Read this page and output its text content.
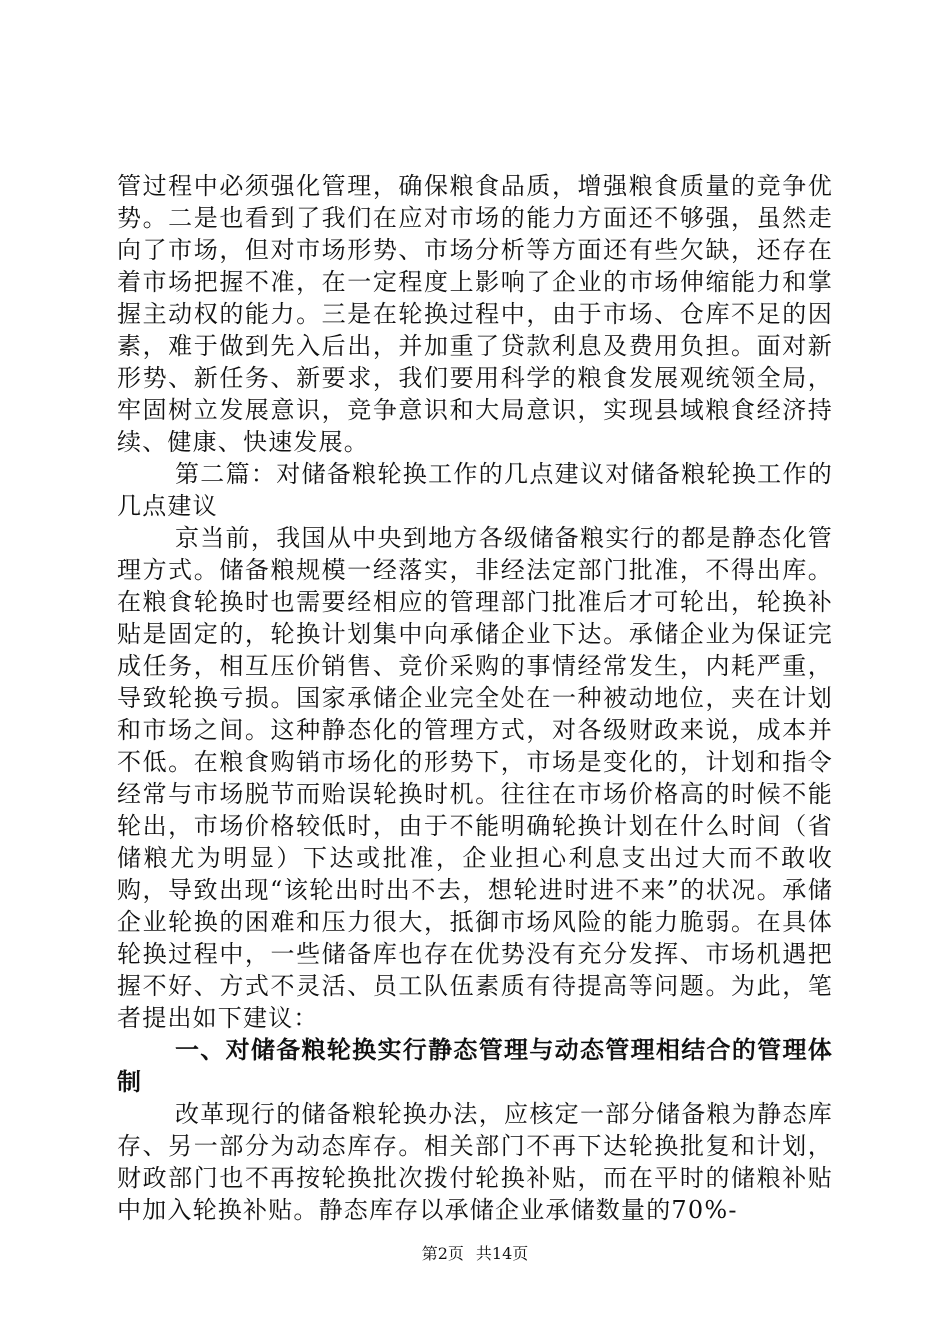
管过程中必须强化管理，确保粮食品质，增强粮食质量的竞争优势。二是也看到了我们在应对市场的能力方面还不够强，虽然走向了市场，但对市场形势、市场分析等方面还有些欠缺，还存在着市场把握不准，在一定程度上影响了企业的市场伸缩能力和掌握主动权的能力。三是在轮换过程中，由于市场、仓库不足的因素，难于做到先入后出，并加重了贷款利息及费用负担。面对新形势、新任务、新要求，我们要用科学的粮食发展观统领全局，牢固树立发展意识，竞争意识和大局意识，实现县域粮食经济持续、健康、快速发展。

第二篇：对储备粮轮换工作的几点建议对储备粮轮换工作的几点建议

京当前，我国从中央到地方各级储备粮实行的都是静态化管理方式。储备粮规模一经落实，非经法定部门批准，不得出库。在粮食轮换时也需要经相应的管理部门批准后才可轮出，轮换补贴是固定的，轮换计划集中向承储企业下达。承储企业为保证完成任务，相互压价销售、竞价采购的事情经常发生，内耗严重，导致轮换亏损。国家承储企业完全处在一种被动地位，夹在计划和市场之间。这种静态化的管理方式，对各级财政来说，成本并不低。在粮食购销市场化的形势下，市场是变化的，计划和指令经常与市场脱节而贻误轮换时机。往往在市场价格高的时候不能轮出，市场价格较低时，由于不能明确轮换计划在什么时间（省储粮尤为明显）下达或批准，企业担心利息支出过大而不敢收购，导致出现“该轮出时出不去，想轮进时进不来”的状况。承储企业轮换的困难和压力很大，抵御市场风险的能力脆弱。在具体轮换过程中，一些储备库也存在优势没有充分发挥、市场机遇把握不好、方式不灵活、员工队伍素质有待提高等问题。为此，笔者提出如下建议：

一、对储备粮轮换实行静态管理与动态管理相结合的管理体制

改革现行的储备粮轮换办法，应核定一部分储备粮为静态库存、另一部分为动态库存。相关部门不再下达轮换批复和计划，财政部门也不再按轮换批次拨付轮换补贴，而在平时的储粮补贴中加入轮换补贴。静态库存以承储企业承储数量的70%-

第2页 共14页
